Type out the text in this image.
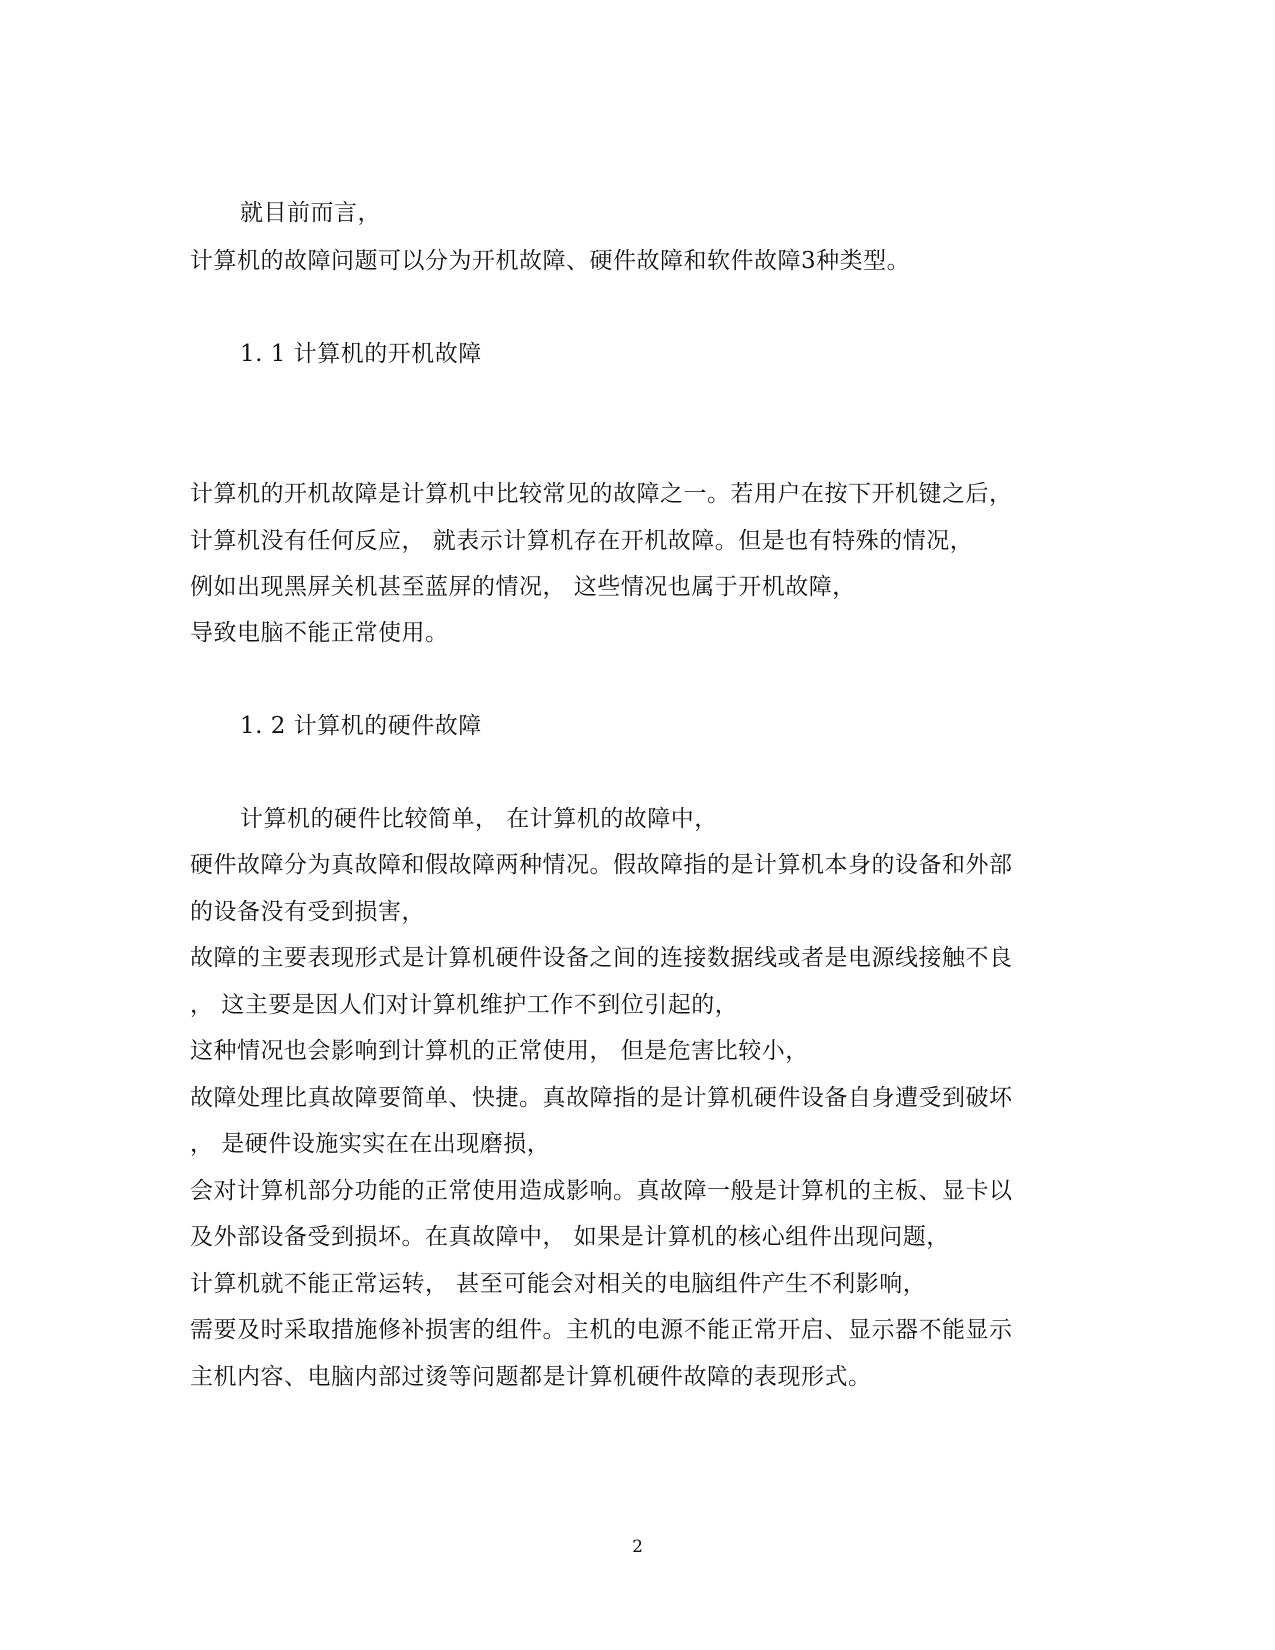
就目前而言，
计算机的故障问题可以分为开机故障、硬件故障和软件故障3种类型。
1. 1 计算机的开机故障
计算机的开机故障是计算机中比较常见的故障之一。若用户在按下开机键之后，
计算机没有任何反应， 就表示计算机存在开机故障。但是也有特殊的情况，
例如出现黑屏关机甚至蓝屏的情况， 这些情况也属于开机故障，
导致电脑不能正常使用。
1. 2 计算机的硬件故障
计算机的硬件比较简单， 在计算机的故障中，
硬件故障分为真故障和假故障两种情况。假故障指的是计算机本身的设备和外部
的设备没有受到损害，
故障的主要表现形式是计算机硬件设备之间的连接数据线或者是电源线接触不良
， 这主要是因人们对计算机维护工作不到位引起的，
这种情况也会影响到计算机的正常使用， 但是危害比较小，
故障处理比真故障要简单、快捷。真故障指的是计算机硬件设备自身遭受到破坏
， 是硬件设施实实在在出现磨损，
会对计算机部分功能的正常使用造成影响。真故障一般是计算机的主板、显卡以
及外部设备受到损坏。在真故障中， 如果是计算机的核心组件出现问题，
计算机就不能正常运转， 甚至可能会对相关的电脑组件产生不利影响，
需要及时采取措施修补损害的组件。主机的电源不能正常开启、显示器不能显示
主机内容、电脑内部过烫等问题都是计算机硬件故障的表现形式。
2
